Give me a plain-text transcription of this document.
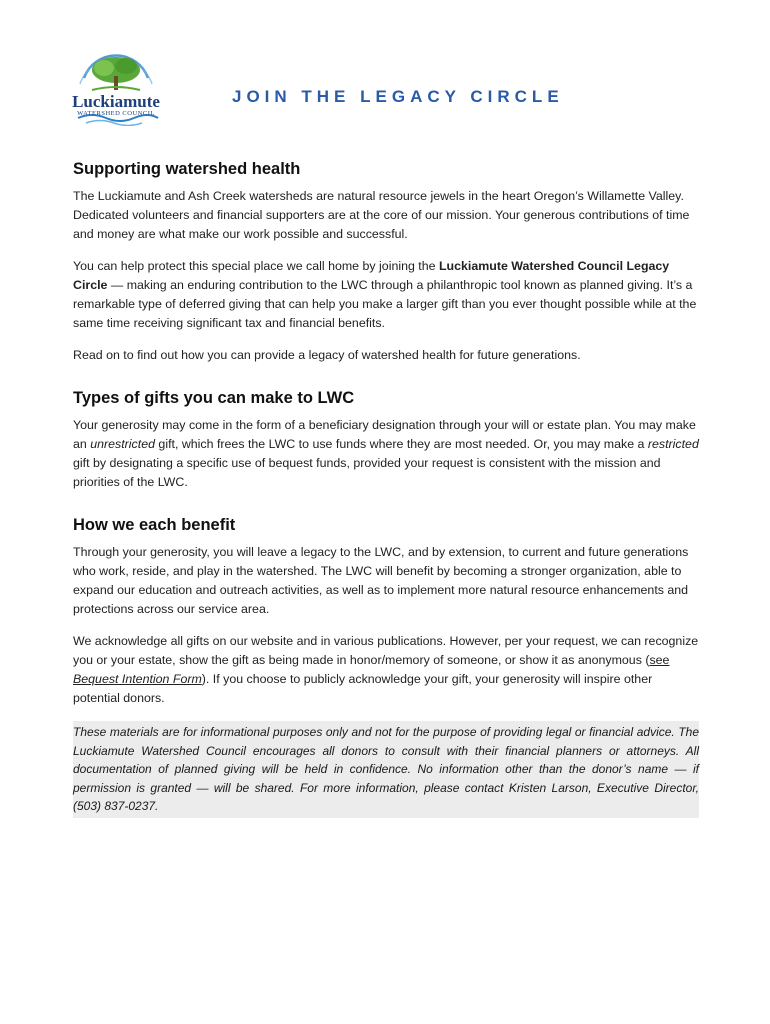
Luckiamute
WATERSHED COUNCIL
JOIN THE LEGACY CIRCLE
Supporting watershed health

The Luckiamute and Ash Creek watersheds are natural resource jewels in the heart Oregon’s Willamette Valley. Dedicated volunteers and financial supporters are at the core of our mission. Your generous contributions of time and money are what make our work possible and successful.

You can help protect this special place we call home by joining the Luckiamute Watershed Council Legacy Circle — making an enduring contribution to the LWC through a philanthropic tool known as planned giving. It’s a remarkable type of deferred giving that can help you make a larger gift than you ever thought possible while at the same time receiving significant tax and financial benefits.

Read on to find out how you can provide a legacy of watershed health for future generations.

Types of gifts you can make to LWC

Your generosity may come in the form of a beneficiary designation through your will or estate plan. You may make an unrestricted gift, which frees the LWC to use funds where they are most needed. Or, you may make a restricted gift by designating a specific use of bequest funds, provided your request is consistent with the mission and priorities of the LWC.

How we each benefit

Through your generosity, you will leave a legacy to the LWC, and by extension, to current and future generations who work, reside, and play in the watershed. The LWC will benefit by becoming a stronger organization, able to expand our education and outreach activities, as well as to implement more natural resource enhancements and protections across our service area.

We acknowledge all gifts on our website and in various publications. However, per your request, we can recognize you or your estate, show the gift as being made in honor/memory of someone, or show it as anonymous (see Bequest Intention Form). If you choose to publicly acknowledge your gift, your generosity will inspire other potential donors.

These materials are for informational purposes only and not for the purpose of providing legal or financial advice. The Luckiamute Watershed Council encourages all donors to consult with their financial planners or attorneys. All documentation of planned giving will be held in confidence. No information other than the donor’s name — if permission is granted — will be shared. For more information, please contact Kristen Larson, Executive Director, (503) 837-0237.
